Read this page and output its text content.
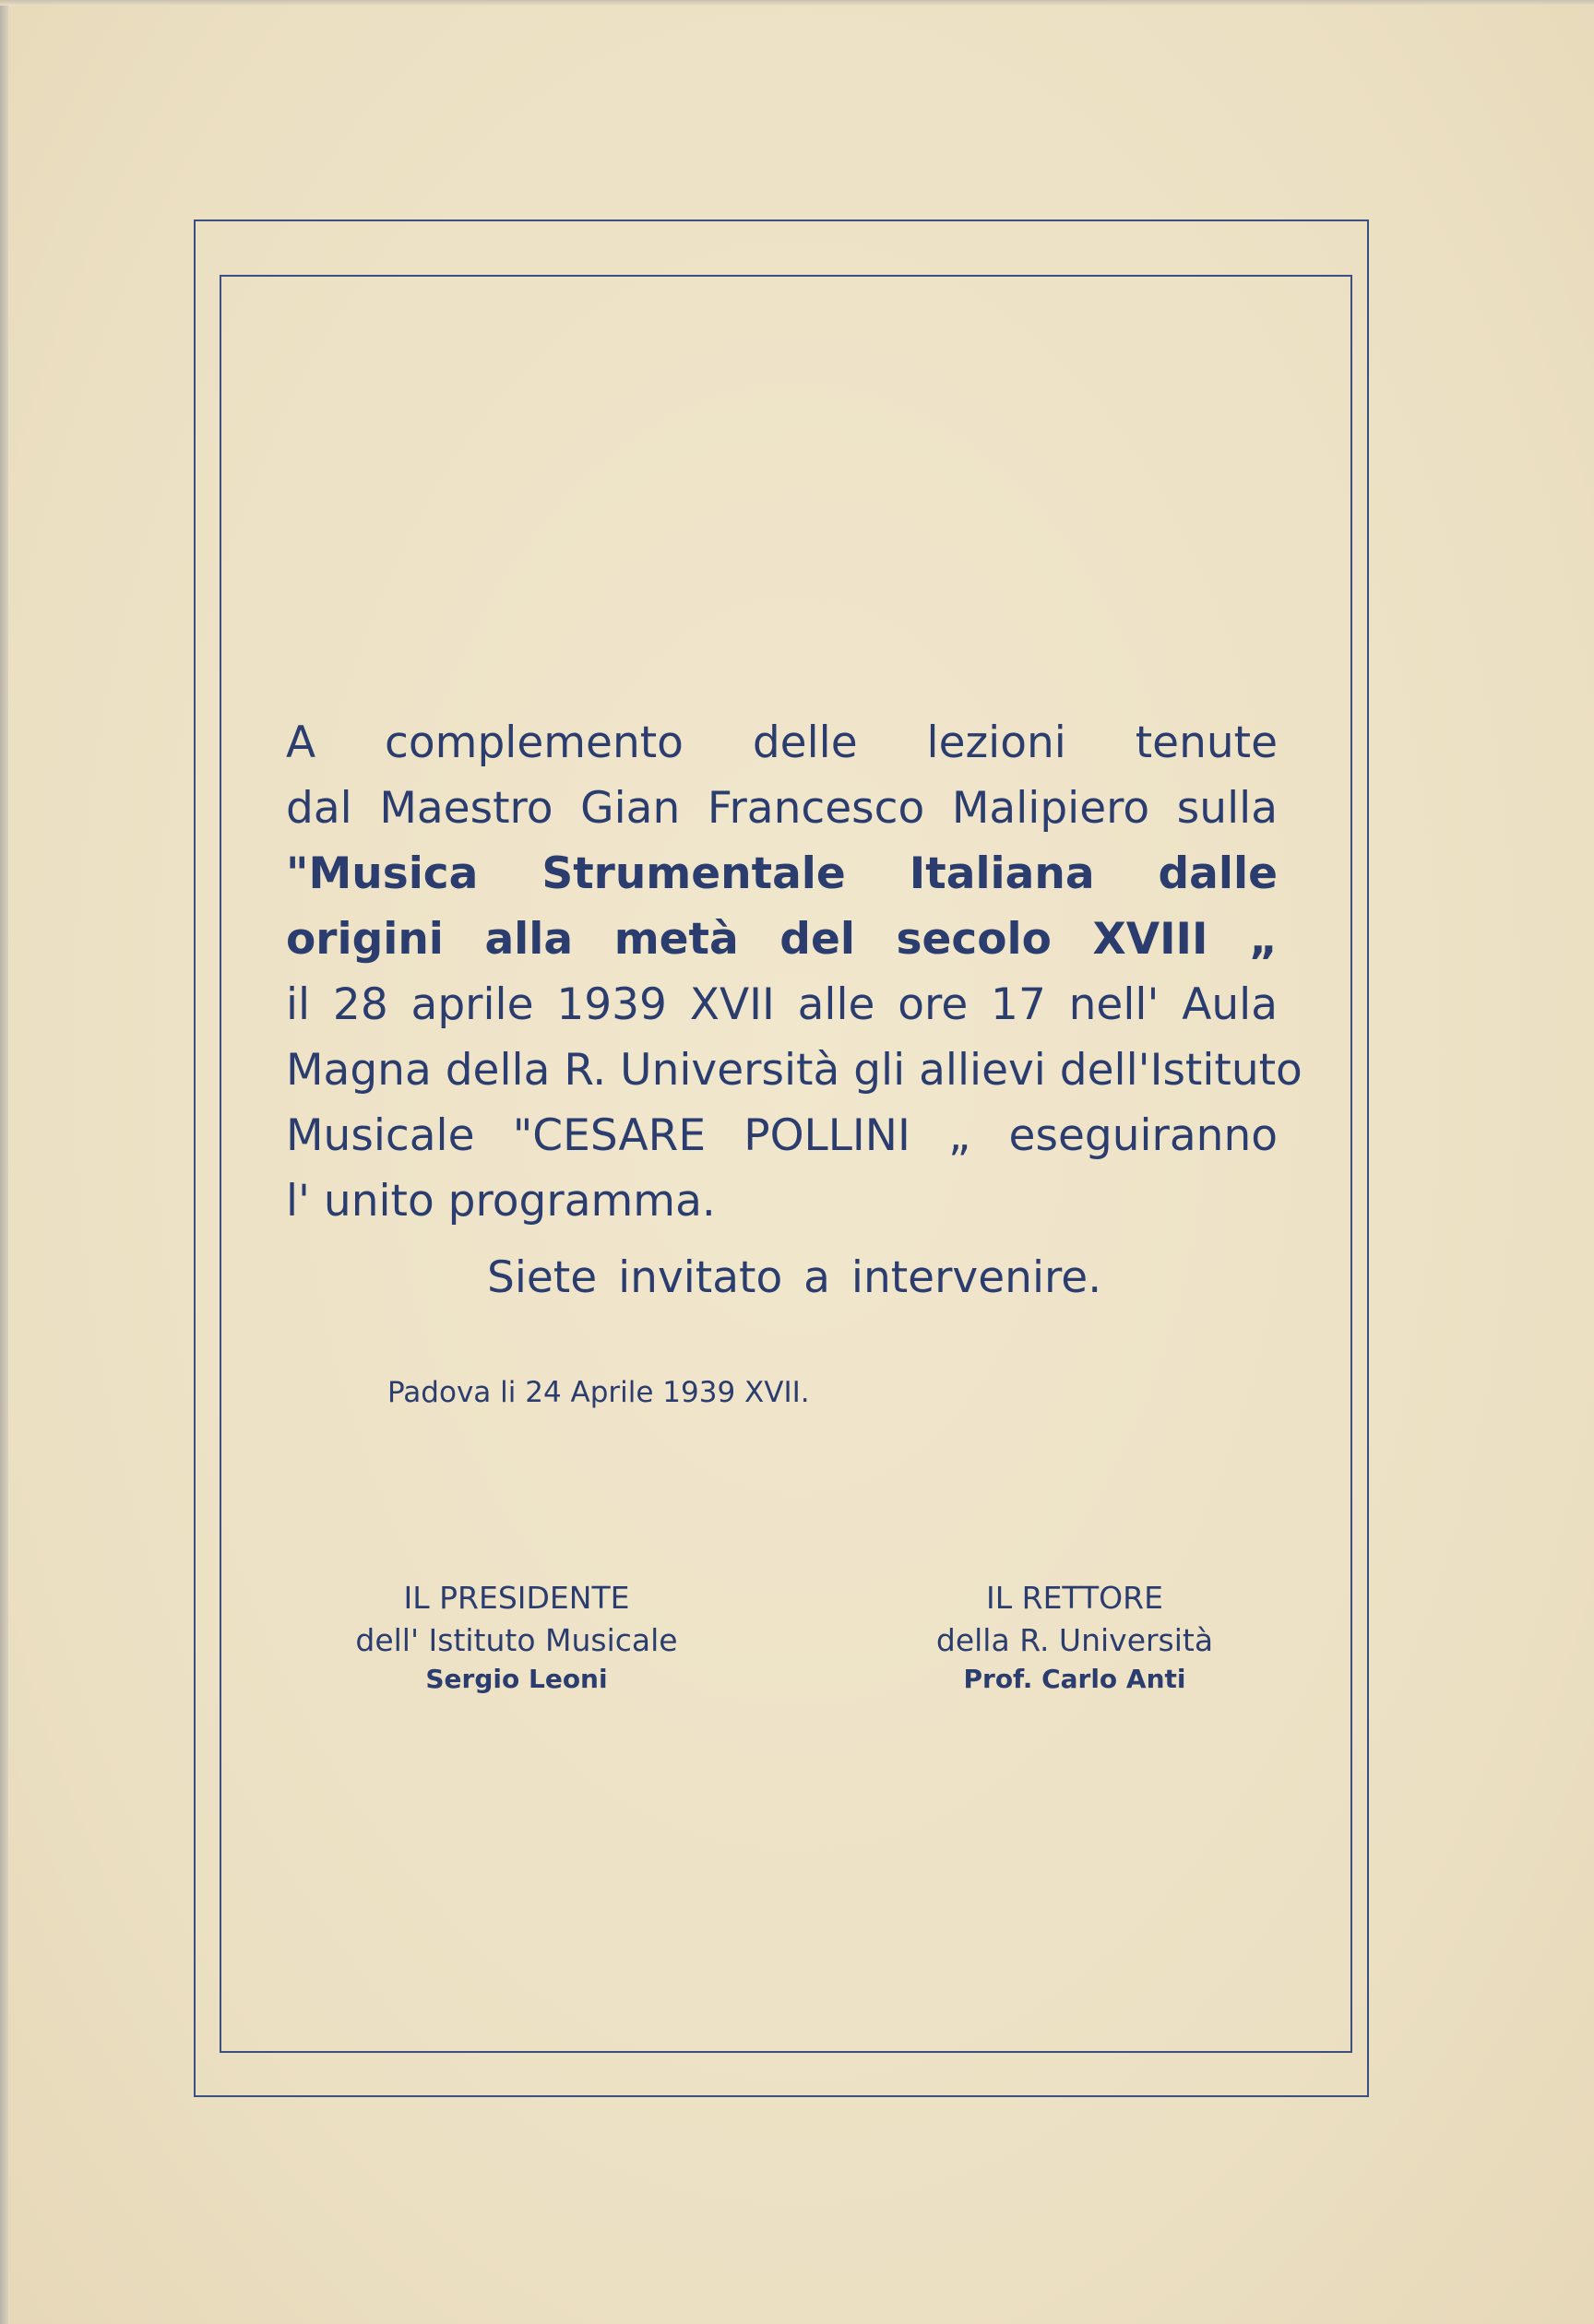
A complemento delle lezioni tenute
dal Maestro Gian Francesco Malipiero sulla
"Musica Strumentale Italiana dalle
origini alla metà del secolo XVIII „
il 28 aprile 1939 XVII alle ore 17 nell' Aula
Magna della R. Università gli allievi dell'Istituto
Musicale "CESARE POLLINI „ eseguiranno
l' unito programma.
Siete invitato a intervenire.
Padova li 24 Aprile 1939 XVII.
IL PRESIDENTE
dell' Istituto Musicale
Sergio Leoni
IL RETTORE
della R. Università
Prof. Carlo Anti
